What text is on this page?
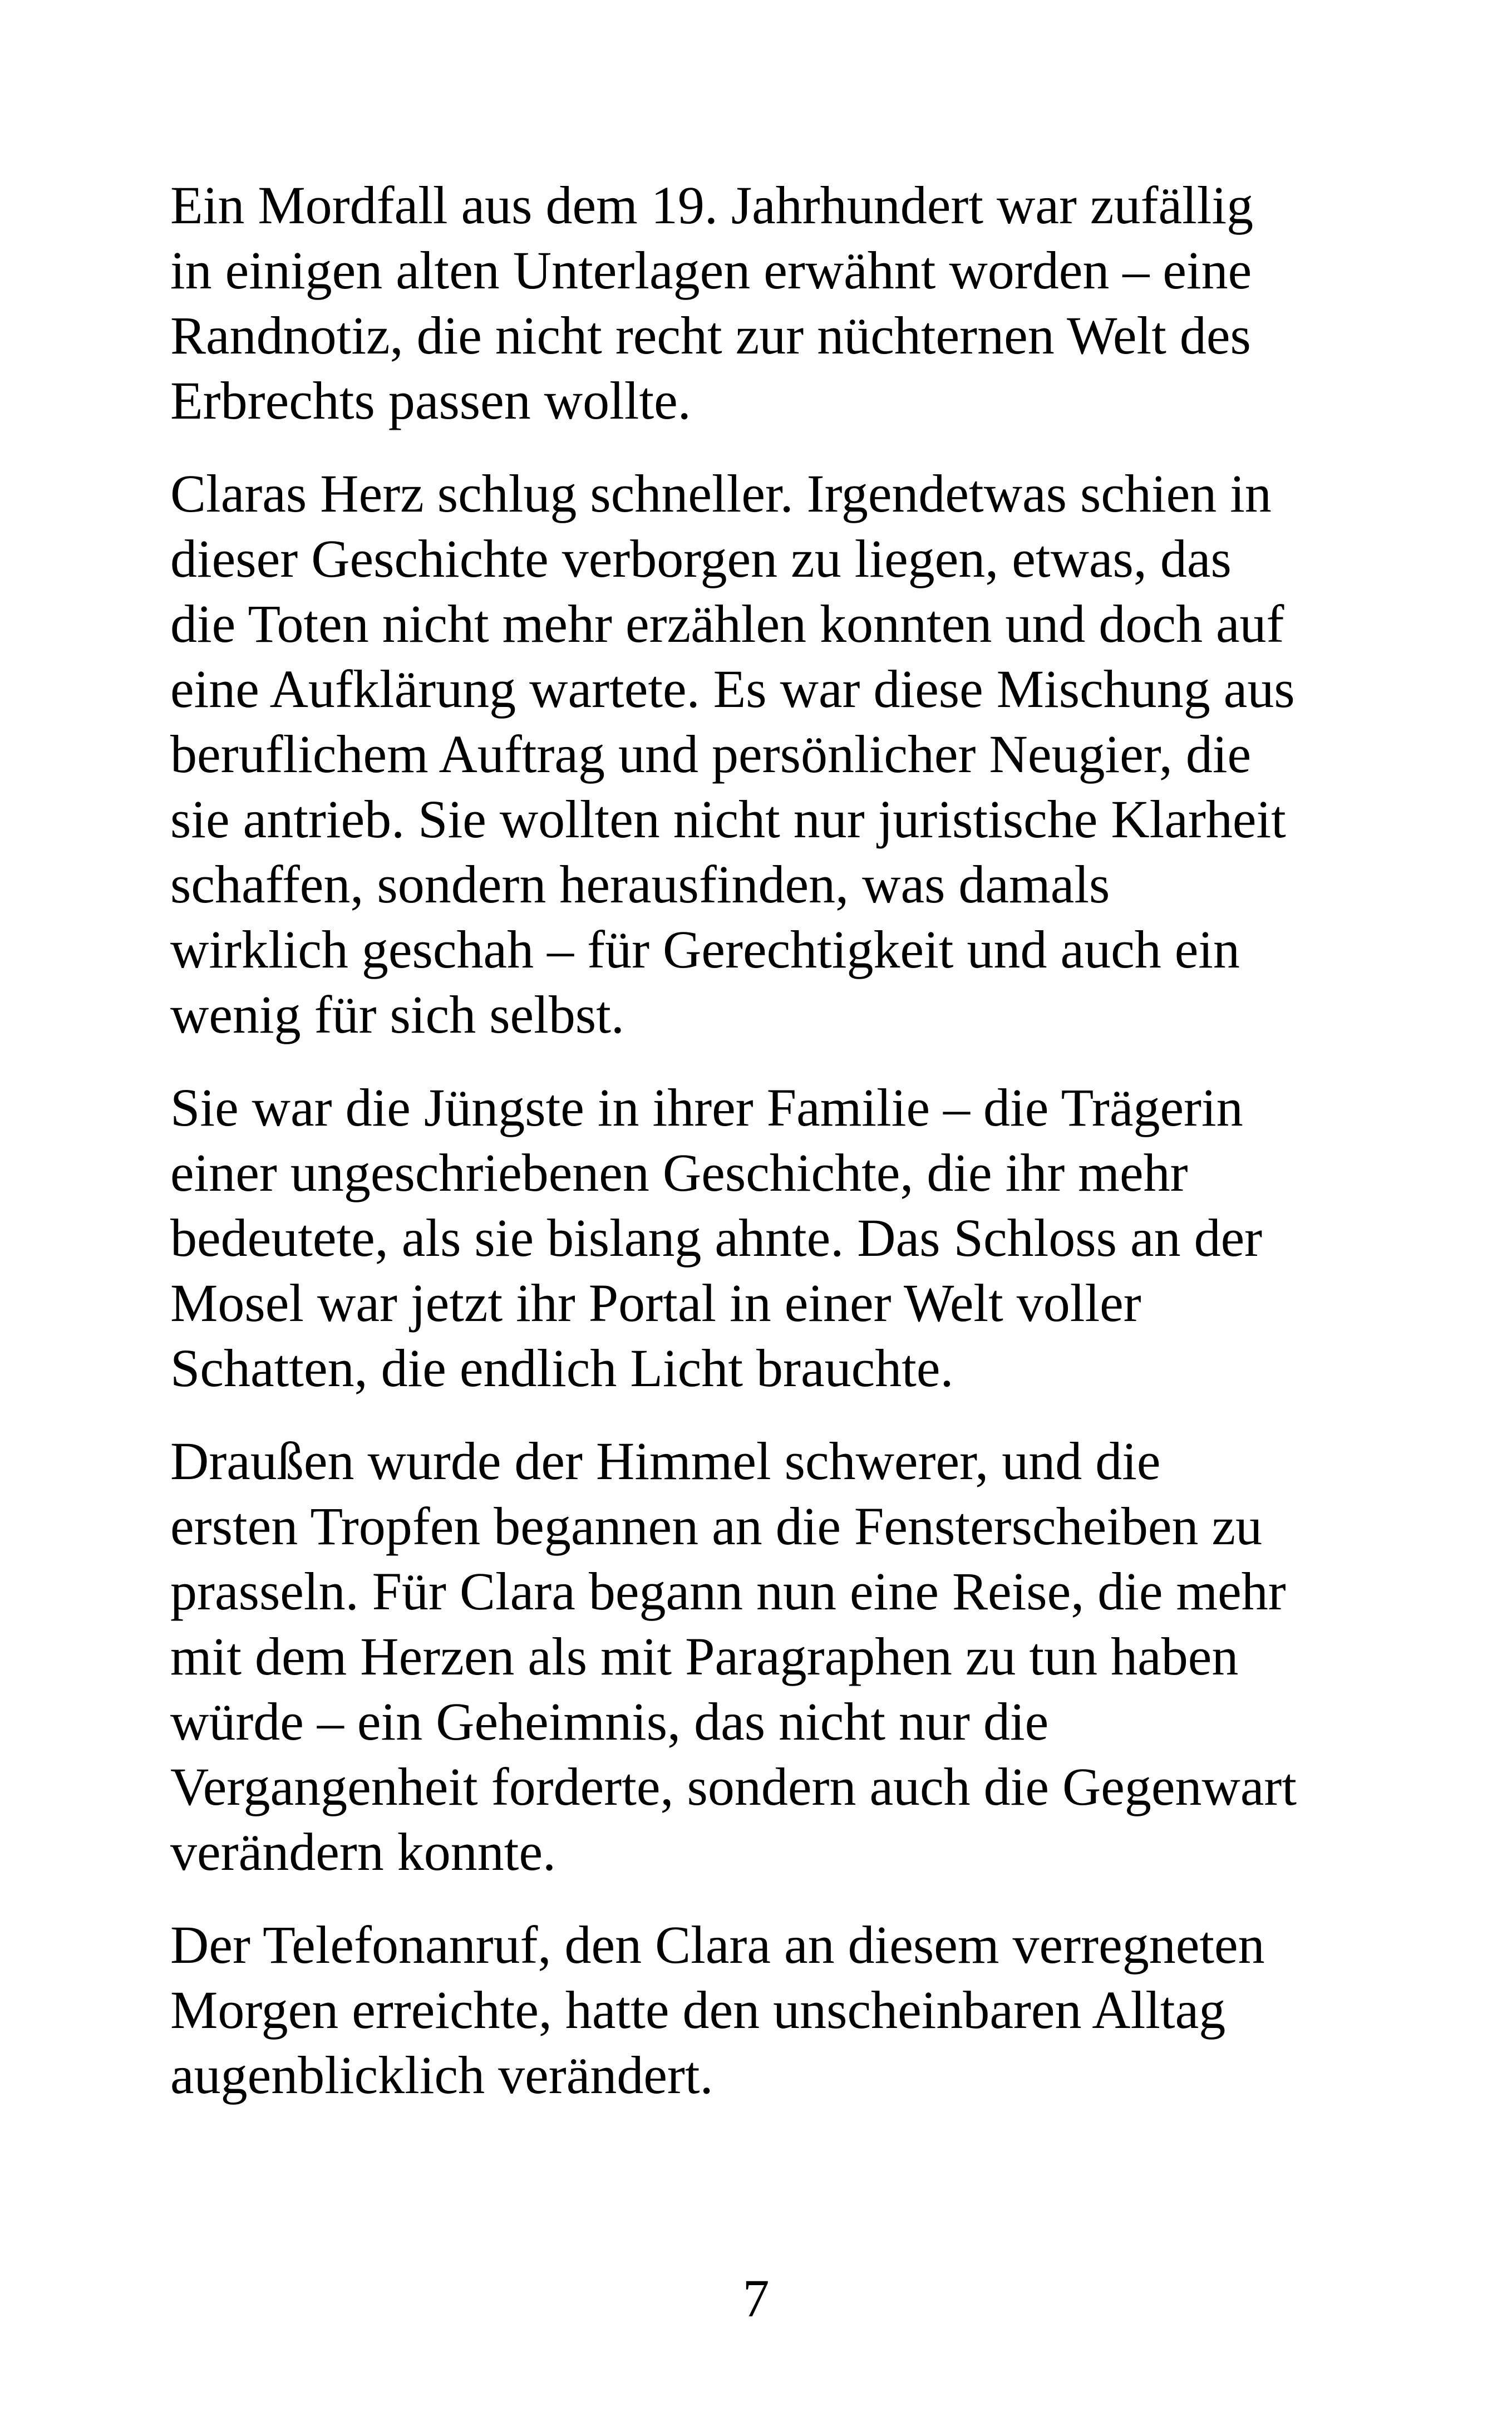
Ein Mordfall aus dem 19. Jahrhundert war zufällig
in einigen alten Unterlagen erwähnt worden – eine
Randnotiz, die nicht recht zur nüchternen Welt des
Erbrechts passen wollte.

Claras Herz schlug schneller. Irgendetwas schien in
dieser Geschichte verborgen zu liegen, etwas, das
die Toten nicht mehr erzählen konnten und doch auf
eine Aufklärung wartete. Es war diese Mischung aus
beruflichem Auftrag und persönlicher Neugier, die
sie antrieb. Sie wollten nicht nur juristische Klarheit
schaffen, sondern herausfinden, was damals
wirklich geschah – für Gerechtigkeit und auch ein
wenig für sich selbst.

Sie war die Jüngste in ihrer Familie – die Trägerin
einer ungeschriebenen Geschichte, die ihr mehr
bedeutete, als sie bislang ahnte. Das Schloss an der
Mosel war jetzt ihr Portal in einer Welt voller
Schatten, die endlich Licht brauchte.

Draußen wurde der Himmel schwerer, und die
ersten Tropfen begannen an die Fensterscheiben zu
prasseln. Für Clara begann nun eine Reise, die mehr
mit dem Herzen als mit Paragraphen zu tun haben
würde – ein Geheimnis, das nicht nur die
Vergangenheit forderte, sondern auch die Gegenwart
verändern konnte.

Der Telefonanruf, den Clara an diesem verregneten
Morgen erreichte, hatte den unscheinbaren Alltag
augenblicklich verändert.

7
